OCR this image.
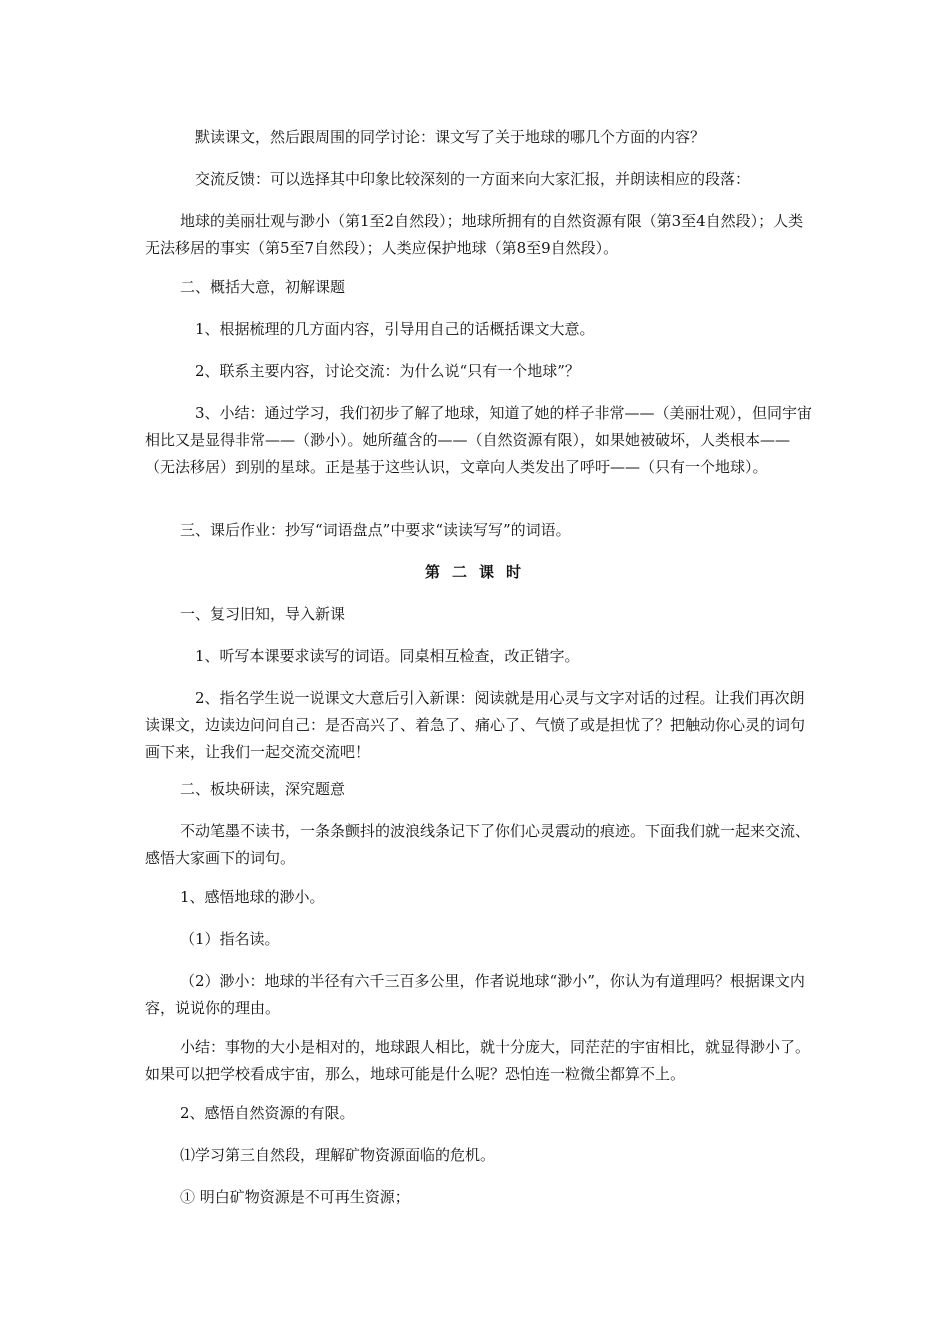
默读课文，然后跟周围的同学讨论：课文写了关于地球的哪几个方面的内容？

交流反馈：可以选择其中印象比较深刻的一方面来向大家汇报，并朗读相应的段落：

地球的美丽壮观与渺小（第1至2自然段）；地球所拥有的自然资源有限（第3至4自然段）；人类无法移居的事实（第5至7自然段）；人类应保护地球（第8至9自然段）。

二、概括大意，初解课题

1、根据梳理的几方面内容，引导用自己的话概括课文大意。

2、联系主要内容，讨论交流：为什么说“只有一个地球”？

3、小结：通过学习，我们初步了解了地球，知道了她的样子非常——（美丽壮观），但同宇宙相比又是显得非常——（渺小）。她所蕴含的——（自然资源有限），如果她被破坏，人类根本——（无法移居）到别的星球。正是基于这些认识，文章向人类发出了呼吁——（只有一个地球）。

三、课后作业：抄写“词语盘点”中要求“读读写写”的词语。

第二课时

一、复习旧知，导入新课

1、听写本课要求读写的词语。同桌相互检查，改正错字。

2、指名学生说一说课文大意后引入新课：阅读就是用心灵与文字对话的过程。让我们再次朗读课文，边读边问问自己：是否高兴了、着急了、痛心了、气愤了或是担忧了？把触动你心灵的词句画下来，让我们一起交流交流吧！

二、板块研读，深究题意

不动笔墨不读书，一条条颤抖的波浪线条记下了你们心灵震动的痕迹。下面我们就一起来交流、感悟大家画下的词句。

1、感悟地球的渺小。

（1）指名读。

（2）渺小：地球的半径有六千三百多公里，作者说地球“渺小”，你认为有道理吗？根据课文内容，说说你的理由。

小结：事物的大小是相对的，地球跟人相比，就十分庞大，同茫茫的宇宙相比，就显得渺小了。如果可以把学校看成宇宙，那么，地球可能是什么呢？恐怕连一粒微尘都算不上。

2、感悟自然资源的有限。

⑴学习第三自然段，理解矿物资源面临的危机。

① 明白矿物资源是不可再生资源；
